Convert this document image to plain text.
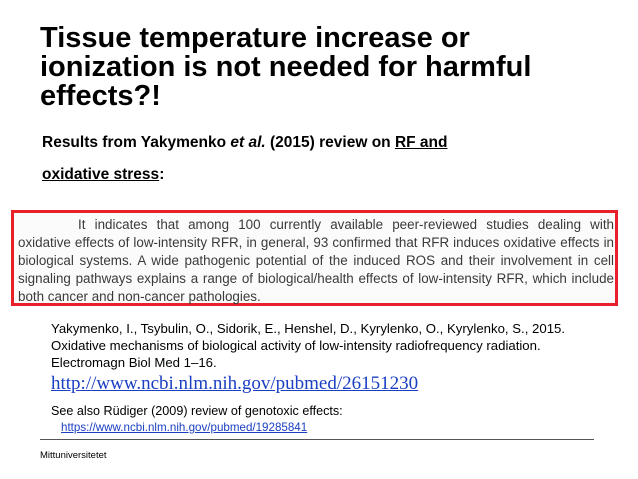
Tissue temperature increase or
ionization is not needed for harmful
effects?!

Results from Yakymenko et al. (2015) review on RF and
oxidative stress:

It indicates that among 100 currently available peer-reviewed studies dealing with oxidative effects of low-intensity RFR, in general, 93 confirmed that RFR induces oxidative effects in biological systems. A wide pathogenic potential of the induced ROS and their involvement in cell signaling pathways explains a range of biological/health effects of low-intensity RFR, which include both cancer and non-cancer pathologies.

Yakymenko, I., Tsybulin, O., Sidorik, E., Henshel, D., Kyrylenko, O., Kyrylenko, S., 2015. Oxidative mechanisms of biological activity of low-intensity radiofrequency radiation. Electromagn Biol Med 1–16.

http://www.ncbi.nlm.nih.gov/pubmed/26151230
See also Rüdiger (2009) review of genotoxic effects:
https://www.ncbi.nlm.nih.gov/pubmed/19285841
Mittuniversitetet
